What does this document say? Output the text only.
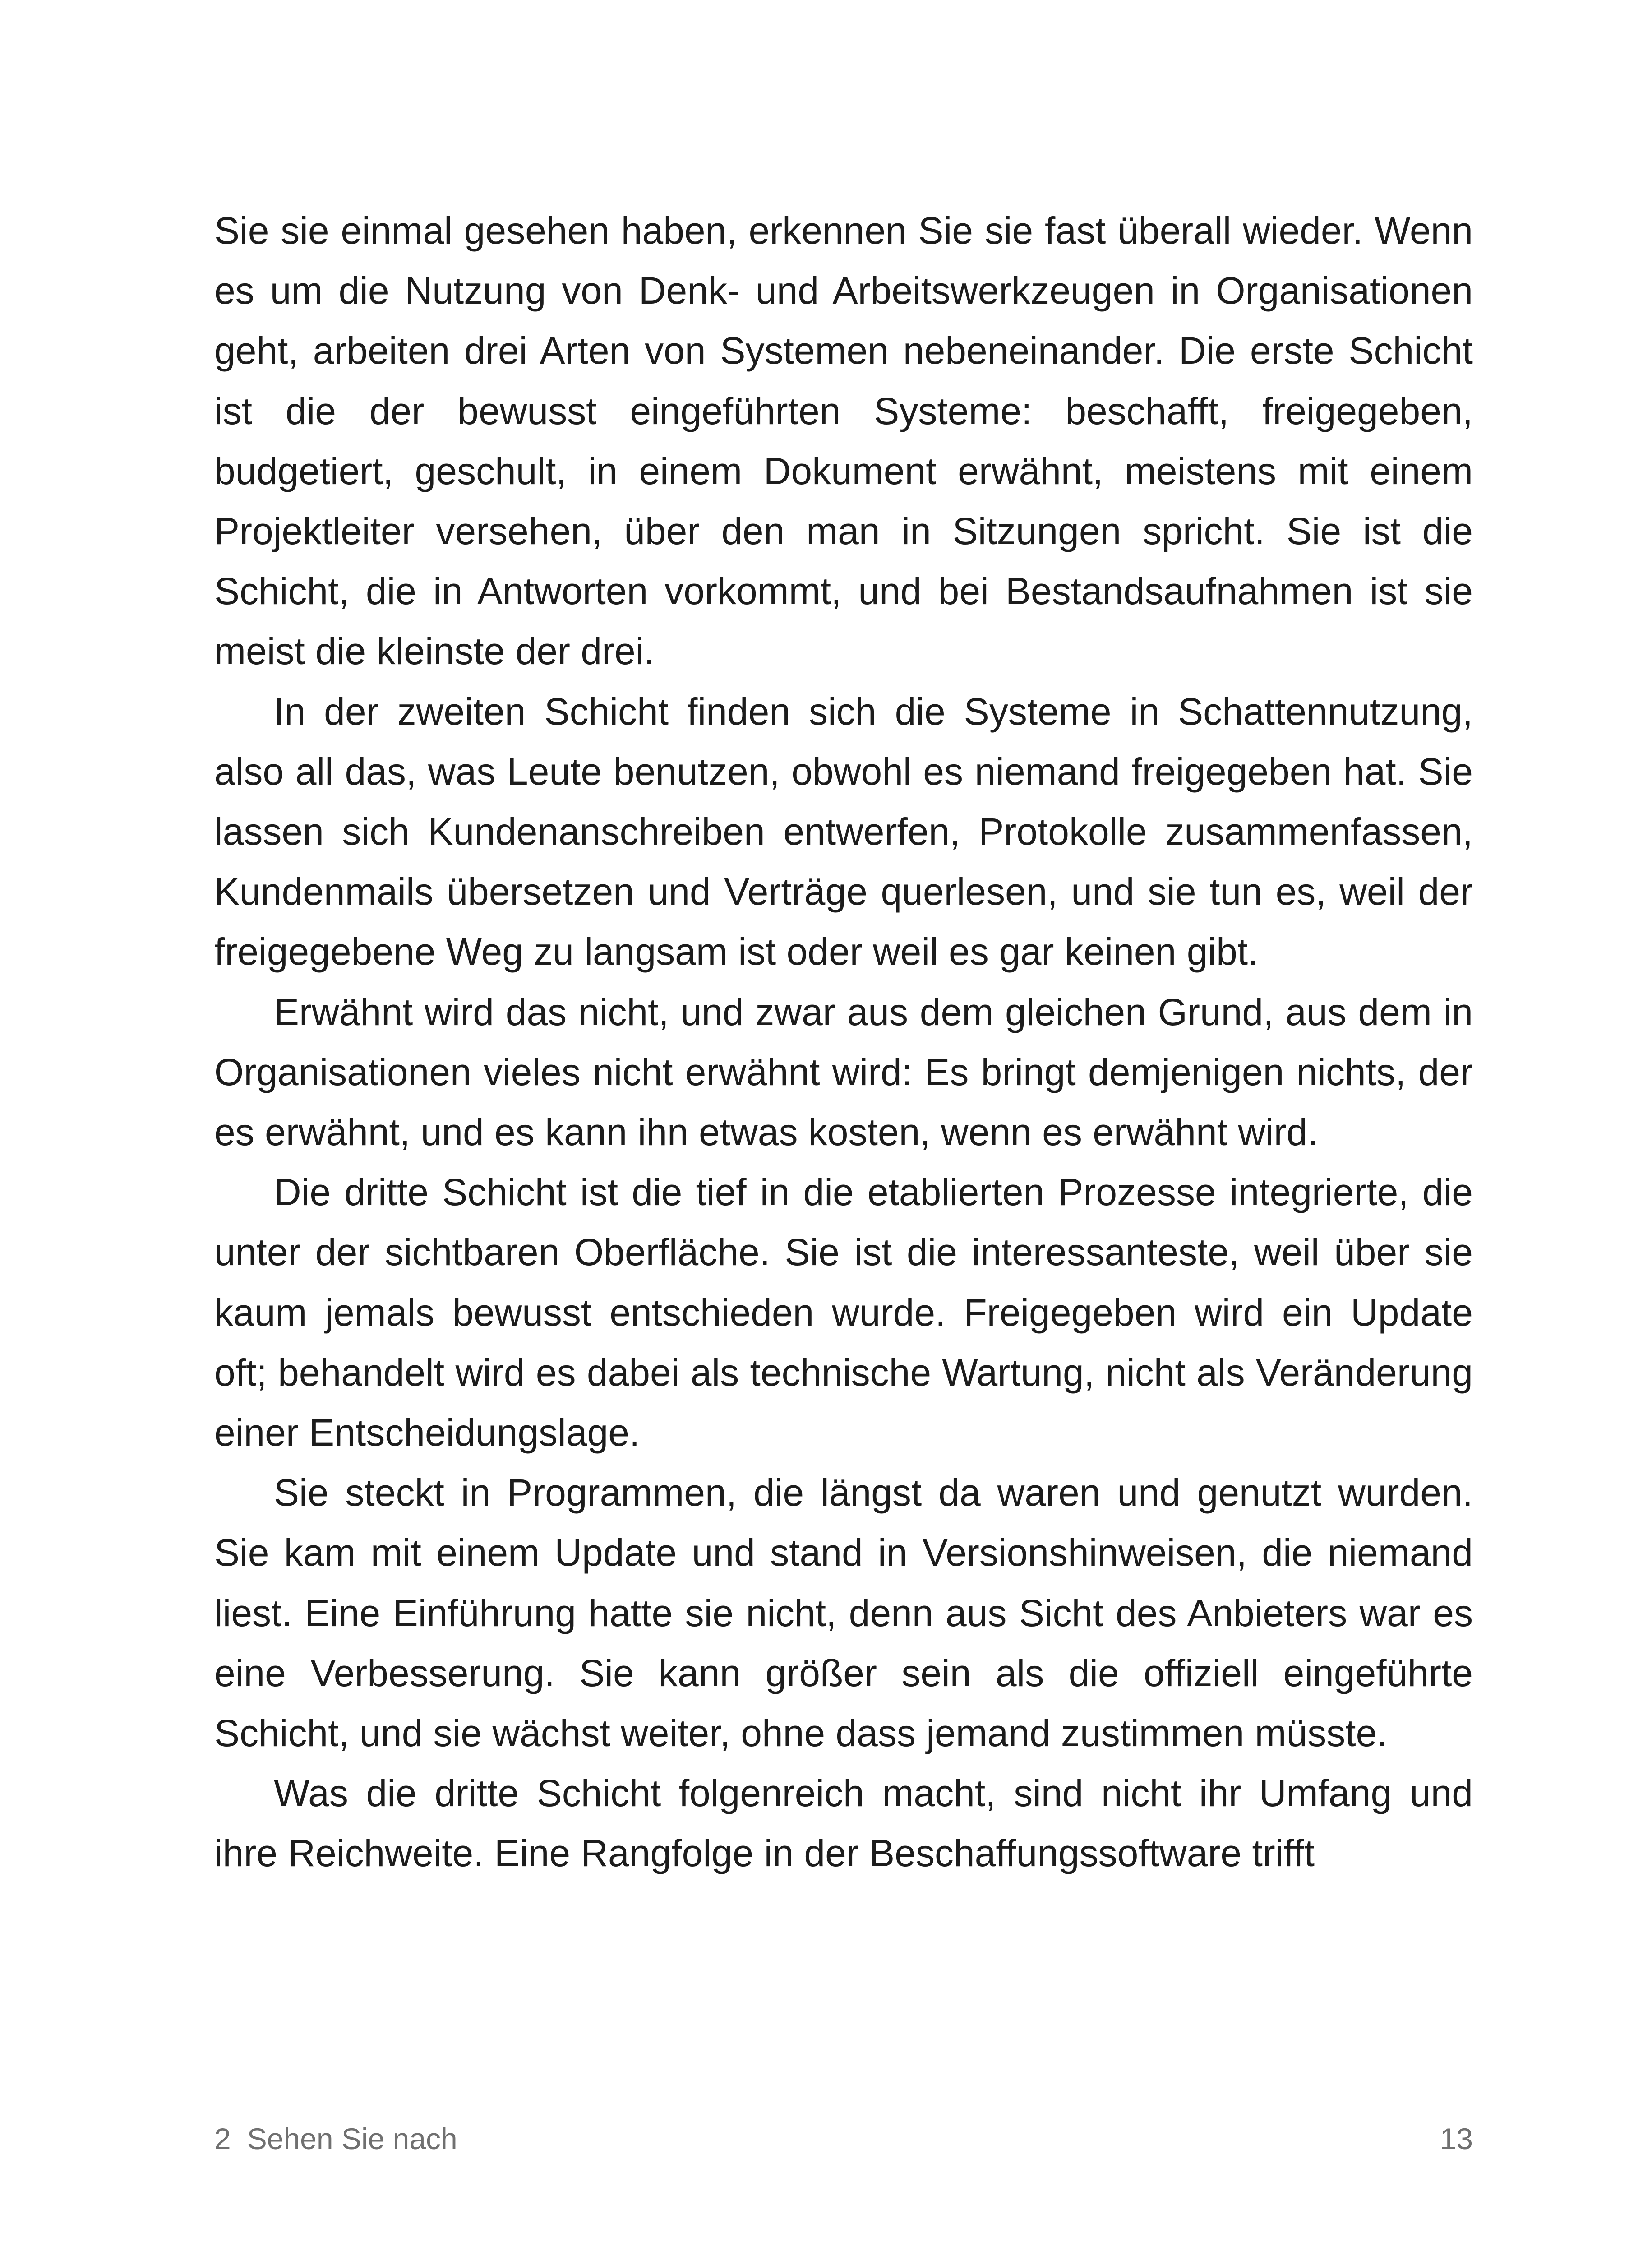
Sie sie einmal gesehen haben, erkennen Sie sie fast überall wieder. Wenn es um die Nutzung von Denk- und Arbeitswerkzeugen in Organisationen geht, arbeiten drei Arten von Systemen nebeneinander. Die erste Schicht ist die der bewusst eingeführten Systeme: beschafft, freigegeben, budgetiert, geschult, in einem Dokument erwähnt, meistens mit einem Projektleiter versehen, über den man in Sitzungen spricht. Sie ist die Schicht, die in Antworten vorkommt, und bei Bestandsaufnahmen ist sie meist die kleinste der drei.

In der zweiten Schicht finden sich die Systeme in Schattennutzung, also all das, was Leute benutzen, obwohl es niemand freigegeben hat. Sie lassen sich Kundenanschreiben entwerfen, Protokolle zusammenfassen, Kundenmails übersetzen und Verträge querlesen, und sie tun es, weil der freigegebene Weg zu langsam ist oder weil es gar keinen gibt.

Erwähnt wird das nicht, und zwar aus dem gleichen Grund, aus dem in Organisationen vieles nicht erwähnt wird: Es bringt demjenigen nichts, der es erwähnt, und es kann ihn etwas kosten, wenn es erwähnt wird.

Die dritte Schicht ist die tief in die etablierten Prozesse integrierte, die unter der sichtbaren Oberfläche. Sie ist die interessanteste, weil über sie kaum jemals bewusst entschieden wurde. Freigegeben wird ein Update oft; behandelt wird es dabei als technische Wartung, nicht als Veränderung einer Entscheidungslage.

Sie steckt in Programmen, die längst da waren und genutzt wurden. Sie kam mit einem Update und stand in Versionshinweisen, die niemand liest. Eine Einführung hatte sie nicht, denn aus Sicht des Anbieters war es eine Verbesserung. Sie kann größer sein als die offiziell eingeführte Schicht, und sie wächst weiter, ohne dass jemand zustimmen müsste.

Was die dritte Schicht folgenreich macht, sind nicht ihr Umfang und ihre Reichweite. Eine Rangfolge in der Beschaffungssoftware trifft

2 Sehen Sie nach	13
